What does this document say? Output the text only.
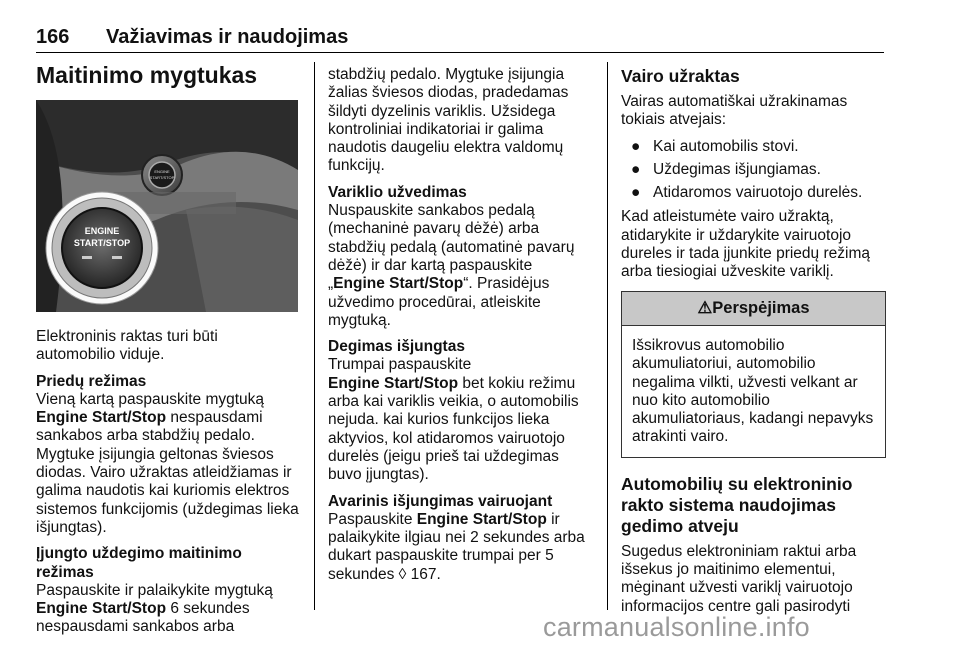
166 Važiavimas ir naudojimas
Maitinimo mygtukas
ENGINE
START/STOP
ENGINE
START/STOP

Elektroninis raktas turi būti automobilio viduje.

Priedų režimas
Vieną kartą paspauskite mygtuką Engine Start/Stop nespausdami sankabos arba stabdžių pedalo. Mygtuke įsijungia geltonas šviesos diodas. Vairo užraktas atleidžiamas ir galima naudotis kai kuriomis elektros sistemos funkcijomis (uždegimas lieka išjungtas).

Įjungto uždegimo maitinimo režimas
Paspauskite ir palaikykite mygtuką Engine Start/Stop 6 sekundes nespausdami sankabos arba

stabdžių pedalo. Mygtuke įsijungia žalias šviesos diodas, pradedamas šildyti dyzelinis variklis. Užsidega kontroliniai indikatoriai ir galima naudotis daugeliu elektra valdomų funkcijų.

Variklio užvedimas
Nuspauskite sankabos pedalą (mechaninė pavarų dėžė) arba stabdžių pedalą (automatinė pavarų dėžė) ir dar kartą paspauskite „Engine Start/Stop“. Prasidėjus užvedimo procedūrai, atleiskite mygtuką.

Degimas išjungtas
Trumpai paspauskite
Engine Start/Stop bet kokiu režimu arba kai variklis veikia, o automobilis nejuda. kai kurios funkcijos lieka aktyvios, kol atidaromos vairuotojo durelės (jeigu prieš tai uždegimas buvo įjungtas).

Avarinis išjungimas vairuojant
Paspauskite Engine Start/Stop ir palaikykite ilgiau nei 2 sekundes arba dukart paspauskite trumpai per 5 sekundes ◊ 167.

Vairo užraktas

Vairas automatiškai užrakinamas tokiais atvejais:

● Kai automobilis stovi.
● Uždegimas išjungiamas.
● Atidaromos vairuotojo durelės.

Kad atleistumėte vairo užraktą, atidarykite ir uždarykite vairuotojo dureles ir tada įjunkite priedų režimą arba tiesiogiai užveskite variklį.

⚠Perspėjimas
Išsikrovus automobilio akumuliatoriui, automobilio negalima vilkti, užvesti velkant ar nuo kito automobilio akumuliatoriaus, kadangi nepavyks atrakinti vairo.
Automobilių su elektroninio rakto sistema naudojimas gedimo atveju

Sugedus elektroniniam raktui arba išsekus jo maitinimo elementui, mėginant užvesti variklį vairuotojo informacijos centre gali pasirodyti

carmanualsonline.info
